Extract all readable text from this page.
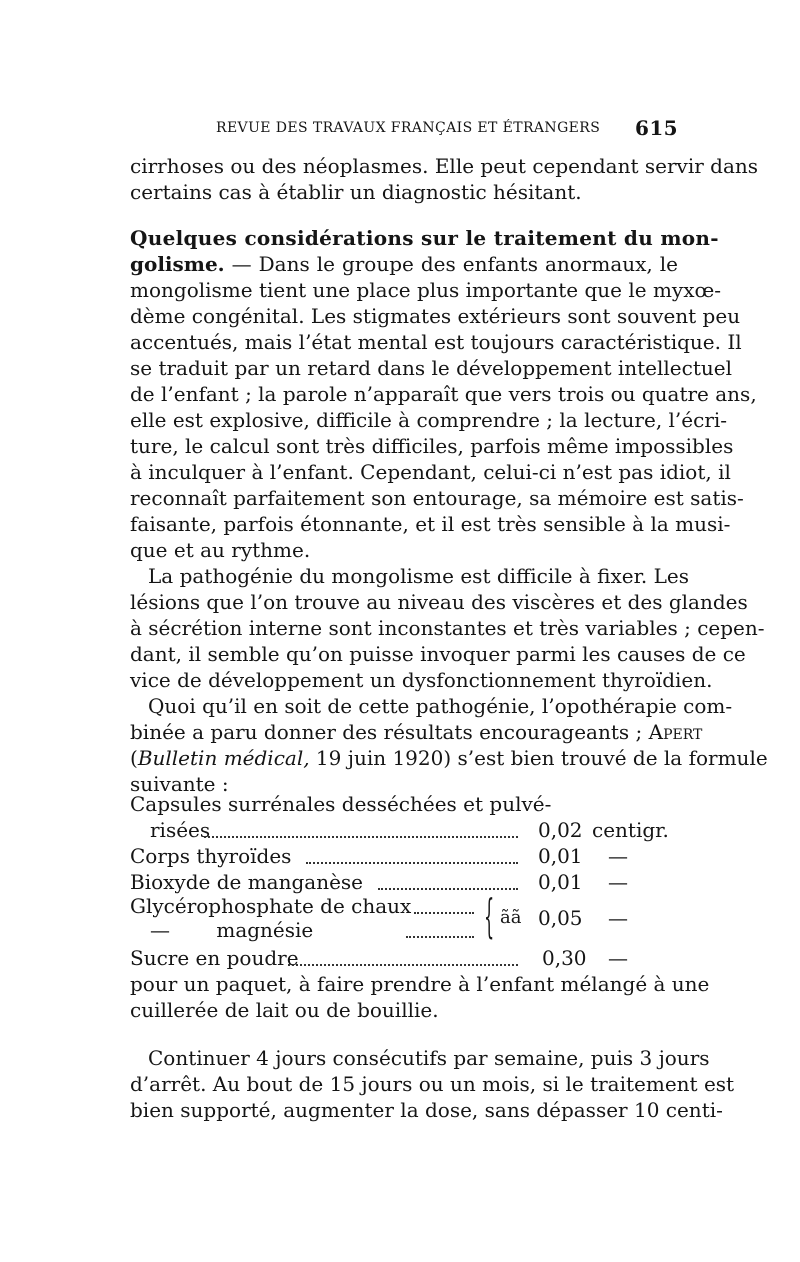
REVUE DES TRAVAUX FRANÇAIS ET ÉTRANGERS 615
cirrhoses ou des néoplasmes. Elle peut cependant servir dans
certains cas à établir un diagnostic hésitant.
Quelques considérations sur le traitement du mon-
golisme. — Dans le groupe des enfants anormaux, le
mongolisme tient une place plus importante que le myxœ-
dème congénital. Les stigmates extérieurs sont souvent peu
accentués, mais l’état mental est toujours caractéristique. Il
se traduit par un retard dans le développement intellectuel
de l’enfant ; la parole n’apparaît que vers trois ou quatre ans,
elle est explosive, difficile à comprendre ; la lecture, l’écri-
ture, le calcul sont très difficiles, parfois même impossibles
à inculquer à l’enfant. Cependant, celui-ci n’est pas idiot, il
reconnaît parfaitement son entourage, sa mémoire est satis-
faisante, parfois étonnante, et il est très sensible à la musi-
que et au rythme.
La pathogénie du mongolisme est difficile à fixer. Les
lésions que l’on trouve au niveau des viscères et des glandes
à sécrétion interne sont inconstantes et très variables ; cepen-
dant, il semble qu’on puisse invoquer parmi les causes de ce
vice de développement un dysfonctionnement thyroïdien.
Quoi qu’il en soit de cette pathogénie, l’opothérapie com-
binée a paru donner des résultats encourageants ; Apert
(Bulletin médical, 19 juin 1920) s’est bien trouvé de la formule
suivante :
Capsules surrénales desséchées et pulvé-
risées	0,02 centigr.
Corps thyroïdes	0,01 —
Bioxyde de manganèse	0,01 —
Glycérophosphate de chaux
— magnésie	0,05 —
{ ãã
Sucre en poudre	0,30 —
pour un paquet, à faire prendre à l’enfant mélangé à une
cuillerée de lait ou de bouillie.
Continuer 4 jours consécutifs par semaine, puis 3 jours
d’arrêt. Au bout de 15 jours ou un mois, si le traitement est
bien supporté, augmenter la dose, sans dépasser 10 centi-
